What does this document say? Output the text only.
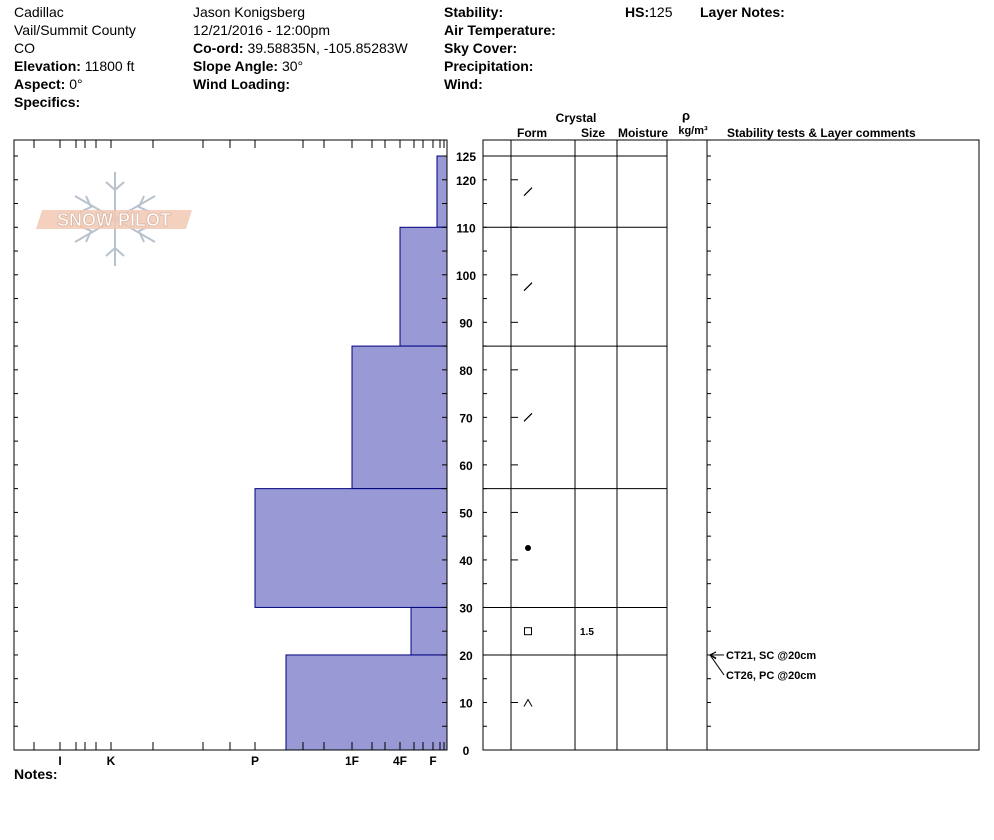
Cadillac
Vail/Summit County
CO
Elevation: 11800 ft
Aspect: 0°
Specifics:
Jason Konigsberg
12/21/2016 - 12:00pm
Co-ord: 39.58835N, -105.85283W
Slope Angle: 30°
Wind Loading:
Stability:
Air Temperature:
Sky Cover:
Precipitation:
Wind:
HS:125 Layer Notes:
Notes:
SNOW PILOT
0
10
20
30
40
50
60
70
80
90
100
110
120
125
I	K	P	1F	4F F
1.5
CT21, SC @20cm
CT26, PC @20cm
Crystal
Form	Size Moisture
ρ
kg/m³ Stability tests & Layer comments
